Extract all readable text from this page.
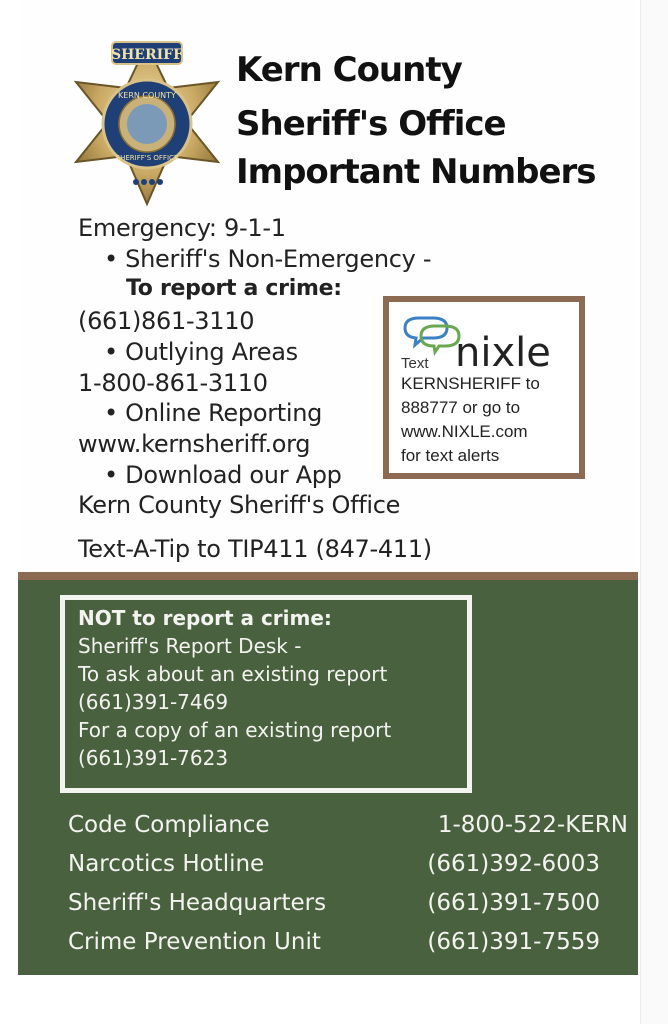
SHERIFF
KERN COUNTY
SHERIFF'S OFFICE
Kern County
Sheriff's Office
Important Numbers
Emergency: 9-1-1
• Sheriff's Non-Emergency -
To report a crime:
(661)861-3110
• Outlying Areas
1-800-861-3110
• Online Reporting
www.kernsheriff.org
• Download our App
Kern County Sheriff's Office
Text-A-Tip to TIP411 (847-411)
Text nixle
KERNSHERIFF to
888777 or go to
www.NIXLE.com
for text alerts
NOT to report a crime:
Sheriff's Report Desk -
To ask about an existing report
(661)391-7469
For a copy of an existing report
(661)391-7623
Code Compliance	1-800-522-KERN
Narcotics Hotline	(661)392-6003
Sheriff's Headquarters	(661)391-7500
Crime Prevention Unit	(661)391-7559
